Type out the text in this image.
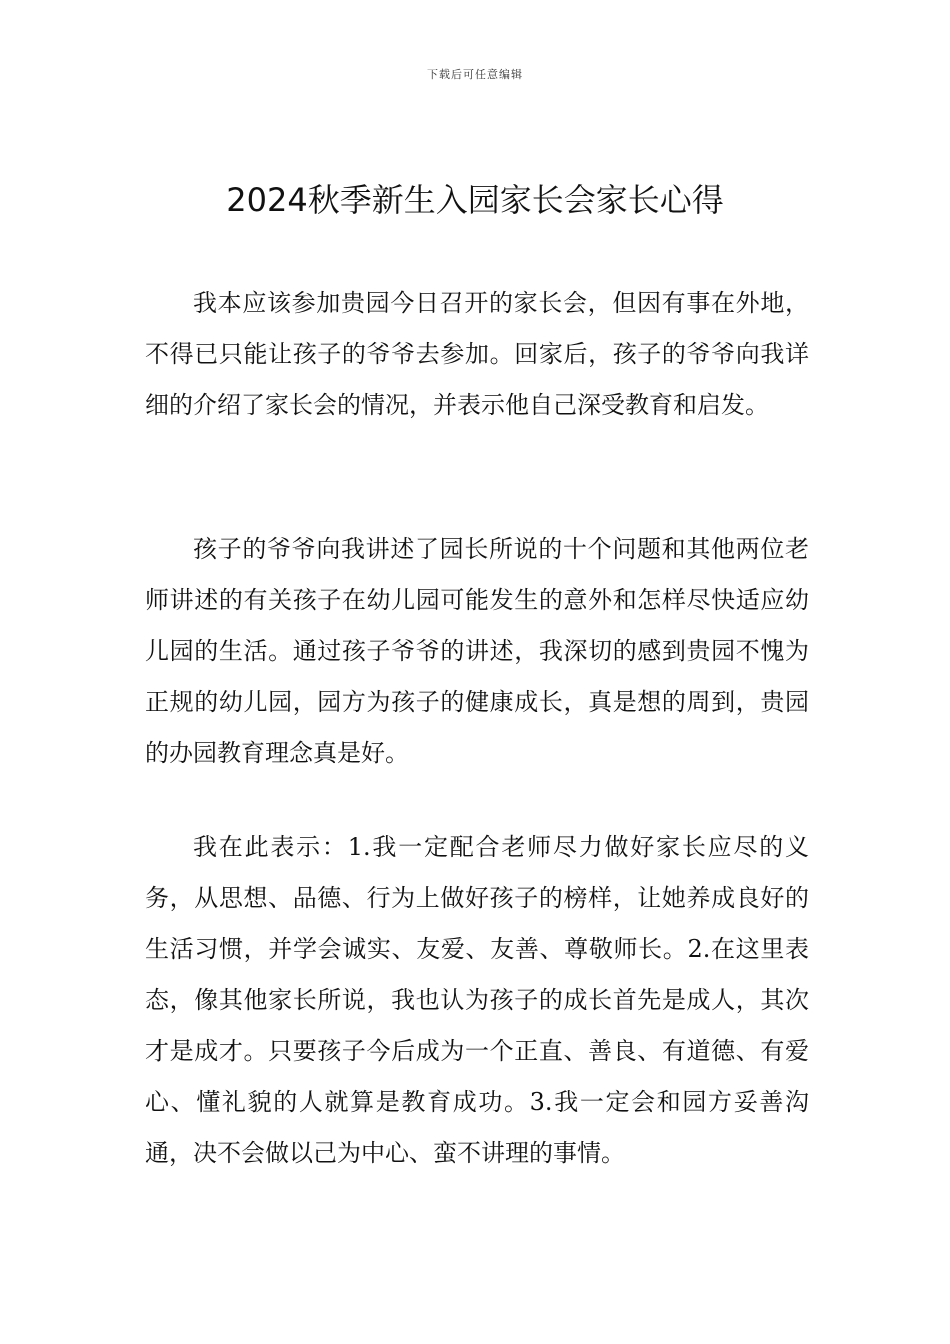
下载后可任意编辑
2024秋季新生入园家长会家长心得

我本应该参加贵园今日召开的家长会，但因有事在外地，不得已只能让孩子的爷爷去参加。回家后，孩子的爷爷向我详细的介绍了家长会的情况，并表示他自己深受教育和启发。

孩子的爷爷向我讲述了园长所说的十个问题和其他两位老师讲述的有关孩子在幼儿园可能发生的意外和怎样尽快适应幼儿园的生活。通过孩子爷爷的讲述，我深切的感到贵园不愧为正规的幼儿园，园方为孩子的健康成长，真是想的周到，贵园的办园教育理念真是好。

我在此表示：1.我一定配合老师尽力做好家长应尽的义务，从思想、品德、行为上做好孩子的榜样，让她养成良好的生活习惯，并学会诚实、友爱、友善、尊敬师长。2.在这里表态，像其他家长所说，我也认为孩子的成长首先是成人，其次才是成才。只要孩子今后成为一个正直、善良、有道德、有爱心、懂礼貌的人就算是教育成功。3.我一定会和园方妥善沟通，决不会做以己为中心、蛮不讲理的事情。
